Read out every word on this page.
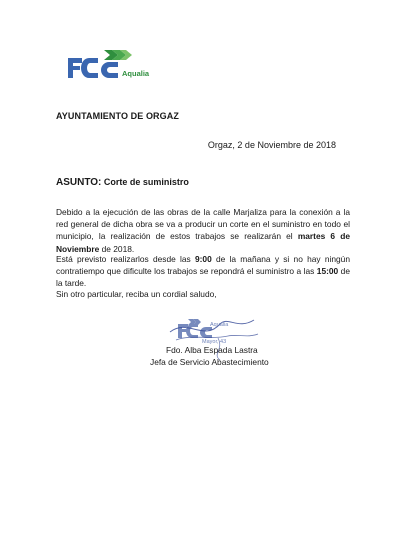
Aqualia
AYUNTAMIENTO DE ORGAZ
Orgaz, 2 de Noviembre de 2018
ASUNTO: Corte de suministro
Debido a la ejecución de las obras de la calle Marjaliza para la conexión a la red general de dicha obra se va a producir un corte en el suministro en todo el municipio, la realización de estos trabajos se realizarán el martes 6 de Noviembre de 2018.
Está previsto realizarlos desde las 9:00 de la mañana y si no hay ningún contratiempo que dificulte los trabajos se repondrá el suministro a las 15:00 de la tarde.
Sin otro particular, reciba un cordial saludo,
Aqualia
Mayor, 43
Fdo. Alba Espada Lastra
Jefa de Servicio Abastecimiento
